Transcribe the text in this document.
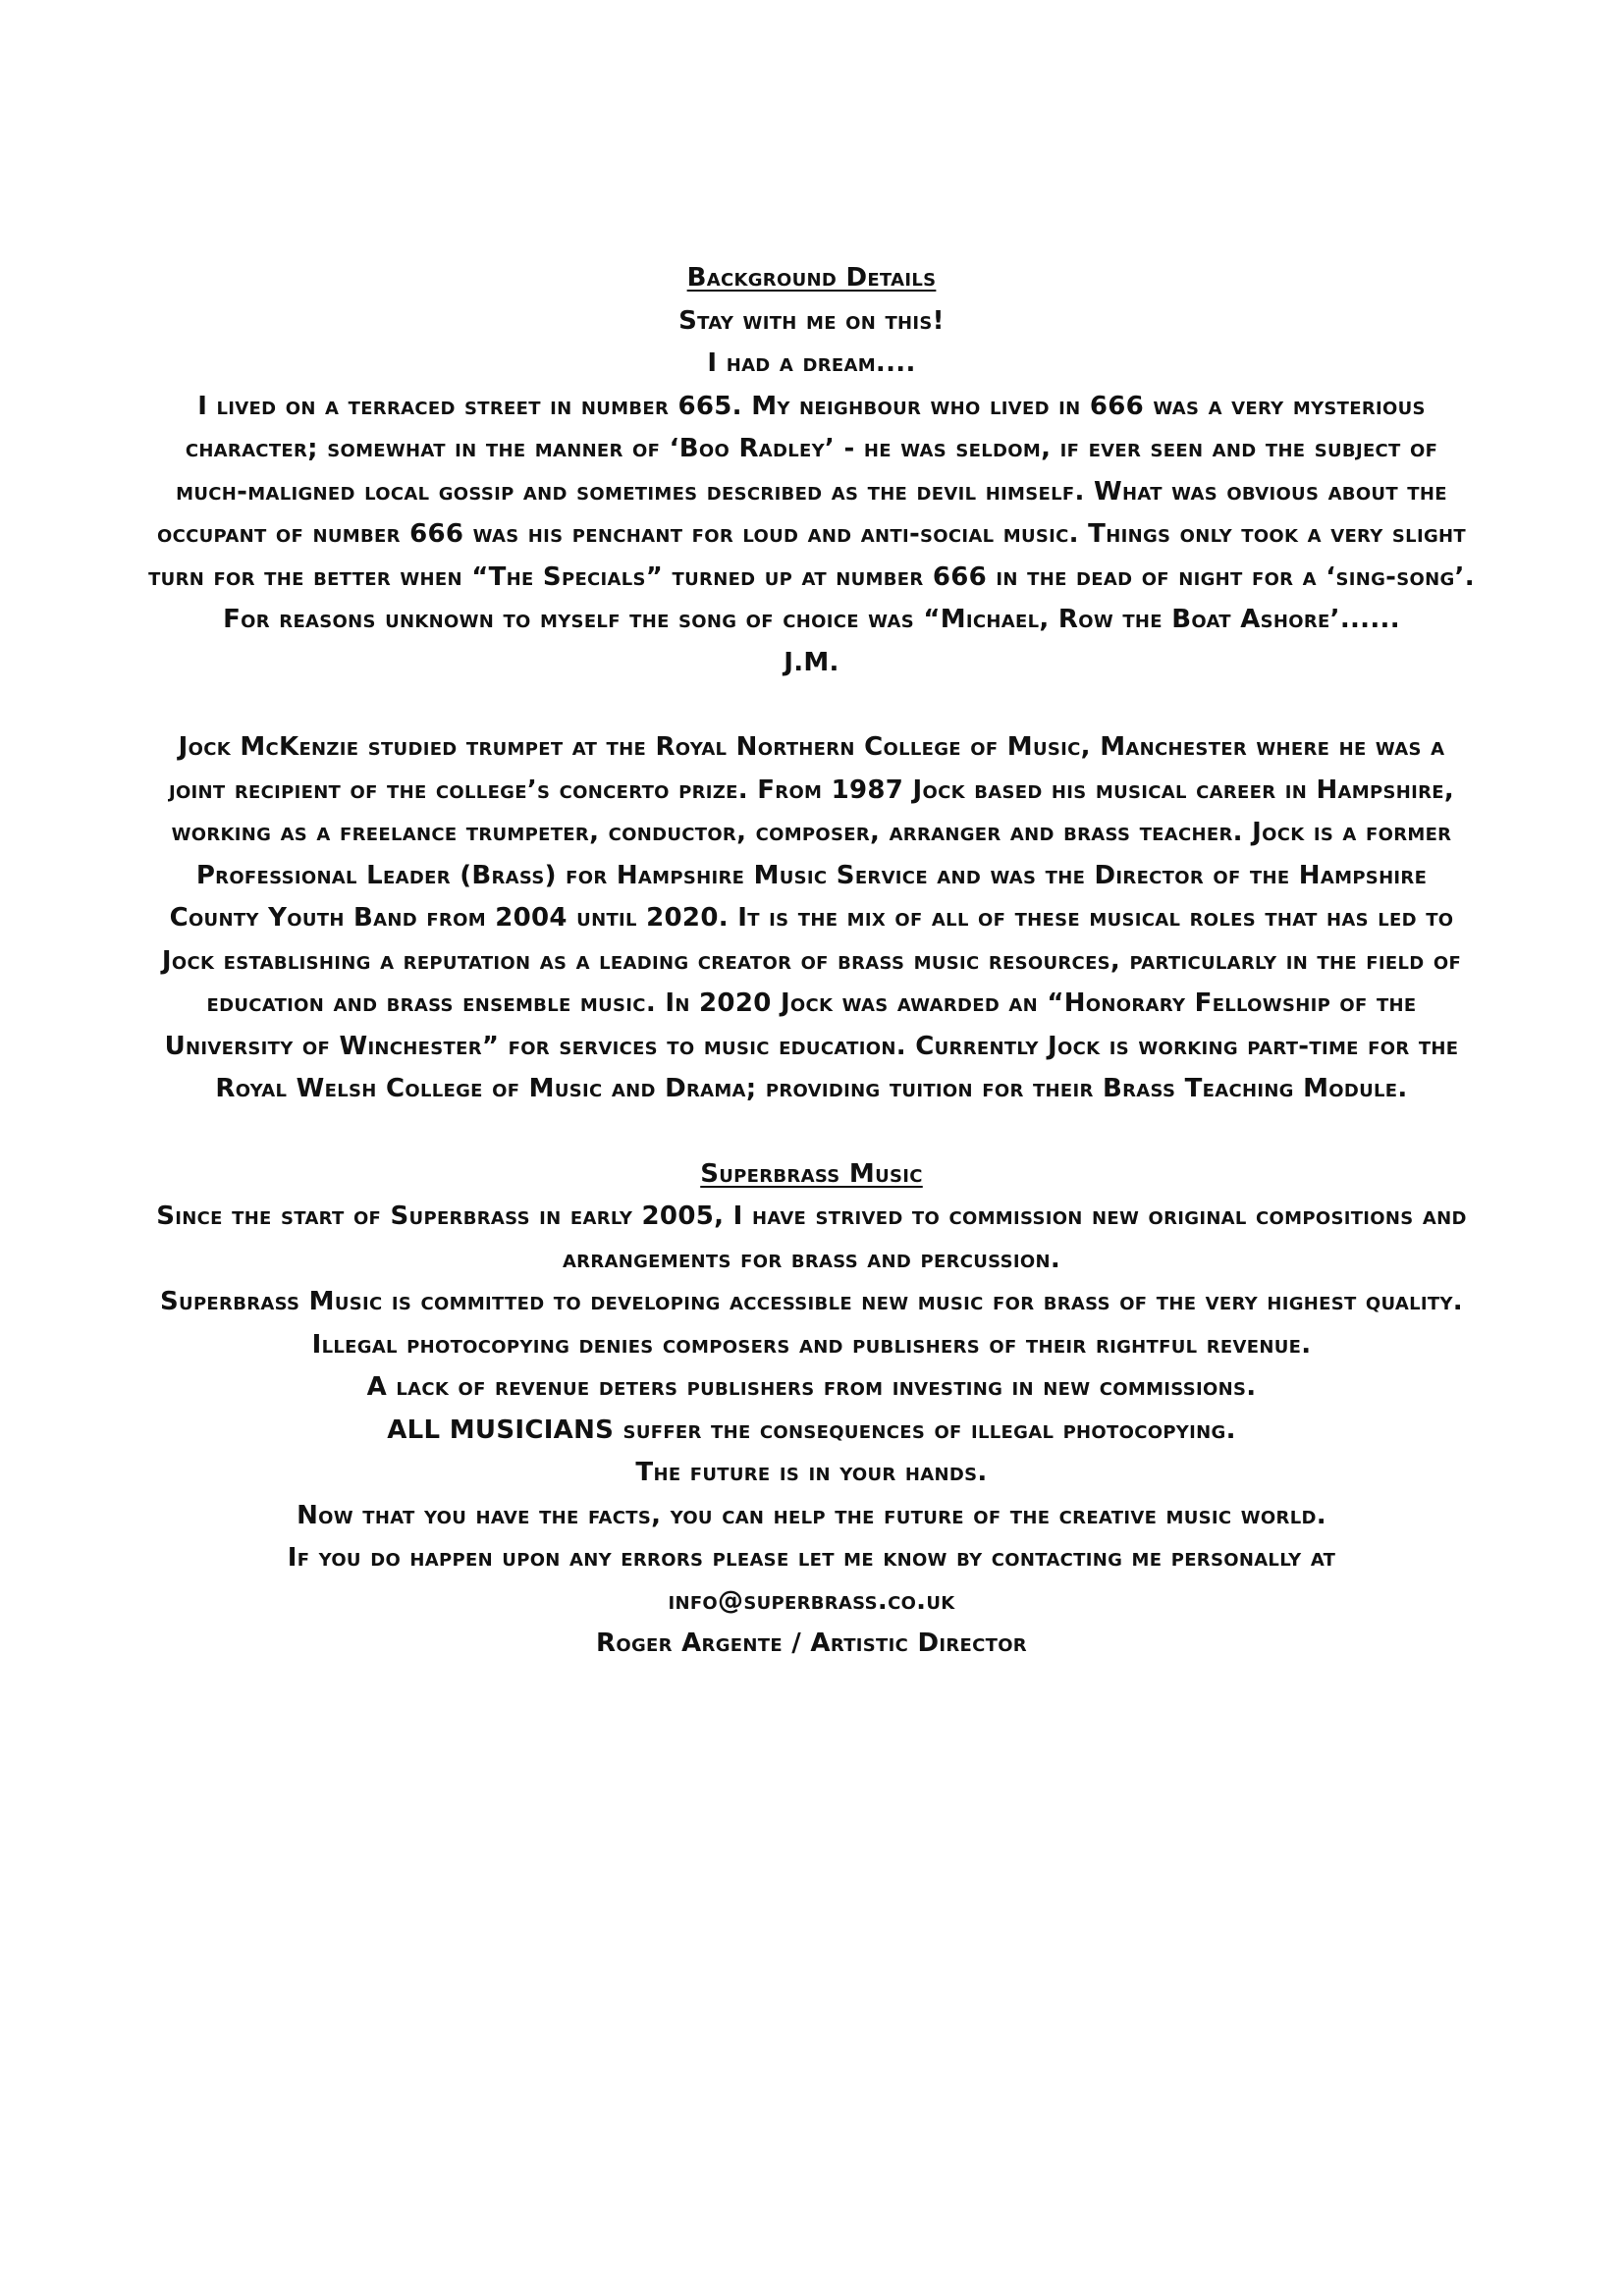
Background Details

Stay with me on this!

I had a dream....

I lived on a terraced street in number 665. My neighbour who lived in 666 was a very mysterious character; somewhat in the manner of ‘Boo Radley’ - he was seldom, if ever seen and the subject of much-maligned local gossip and sometimes described as the devil himself. What was obvious about the occupant of number 666 was his penchant for loud and anti-social music. Things only took a very slight turn for the better when “The Specials” turned up at number 666 in the dead of night for a ‘sing-song’. For reasons unknown to myself the song of choice was “Michael, Row the Boat Ashore’......

J.M.

Jock McKenzie studied trumpet at the Royal Northern College of Music, Manchester where he was a joint recipient of the college’s concerto prize. From 1987 Jock based his musical career in Hampshire, working as a freelance trumpeter, conductor, composer, arranger and brass teacher. Jock is a former Professional Leader (Brass) for Hampshire Music Service and was the Director of the Hampshire County Youth Band from 2004 until 2020. It is the mix of all of these musical roles that has led to Jock establishing a reputation as a leading creator of brass music resources, particularly in the field of education and brass ensemble music. In 2020 Jock was awarded an “Honorary Fellowship of the University of Winchester” for services to music education. Currently Jock is working part-time for the Royal Welsh College of Music and Drama; providing tuition for their Brass Teaching Module.

Superbrass Music

Since the start of Superbrass in early 2005, I have strived to commission new original compositions and arrangements for brass and percussion.

Superbrass Music is committed to developing accessible new music for brass of the very highest quality.

Illegal photocopying denies composers and publishers of their rightful revenue.

A lack of revenue deters publishers from investing in new commissions.

ALL MUSICIANS suffer the consequences of illegal photocopying.

The future is in your hands.

Now that you have the facts, you can help the future of the creative music world.

If you do happen upon any errors please let me know by contacting me personally at

info@superbrass.co.uk

Roger Argente / Artistic Director
